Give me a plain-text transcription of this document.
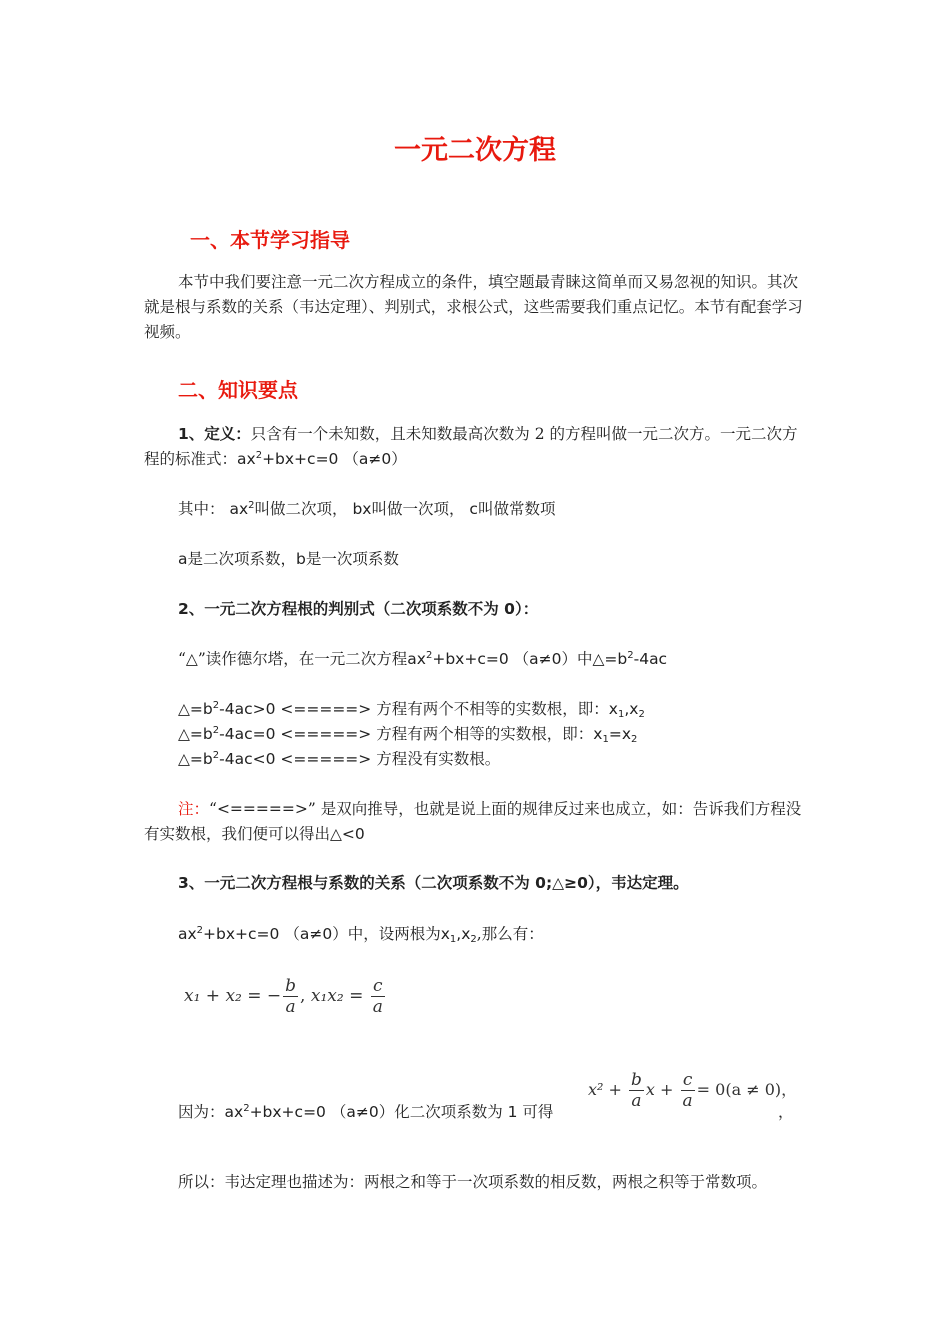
一元二次方程
一、本节学习指导
本节中我们要注意一元二次方程成立的条件，填空题最青睐这简单而又易忽视的知识。其次就是根与系数的关系（韦达定理）、判别式，求根公式，这些需要我们重点记忆。本节有配套学习视频。
二、知识要点
1、定义：只含有一个未知数，且未知数最高次数为 2 的方程叫做一元二次方。一元二次方程的标准式：$ax^2+bx+c=0$ （a≠0）
其中： $ax^2$叫做二次项， bx叫做一次项， c叫做常数项
a是二次项系数，b是一次项系数
2、一元二次方程根的判别式（二次项系数不为 0）：
“△”读作德尔塔，在一元二次方程$ax^2+bx+c=0$ （a≠0）中$\triangle=b^2-4ac$
$\triangle=b^2-4ac>0$ <=====> 方程有两个不相等的实数根，即：$x_1,x_2$
$\triangle=b^2-4ac=0$ <=====> 方程有两个相等的实数根，即：$x_1=x_2$
$\triangle=b^2-4ac<0$ <=====> 方程没有实数根。
注：“<=====>” 是双向推导，也就是说上面的规律反过来也成立，如：告诉我们方程没有实数根，我们便可以得出△<0
3、一元二次方程根与系数的关系（二次项系数不为 0;△≥0），韦达定理。
$ax^2+bx+c=0$ （a≠0）中，设两根为$x_1,x_2$,那么有：
x₁ + x₂ = − $\frac{b}{a}$ , $x_1x_2 = \frac{c}{a}$
因为：$ax^2+bx+c=0$ （a≠0）化二次项系数为 1 可得
$x^2 + \frac{b}{a}$ $x + \frac{c}{a} = 0(a \ne 0)$，
，
所以：韦达定理也描述为：两根之和等于一次项系数的相反数，两根之积等于常数项。
